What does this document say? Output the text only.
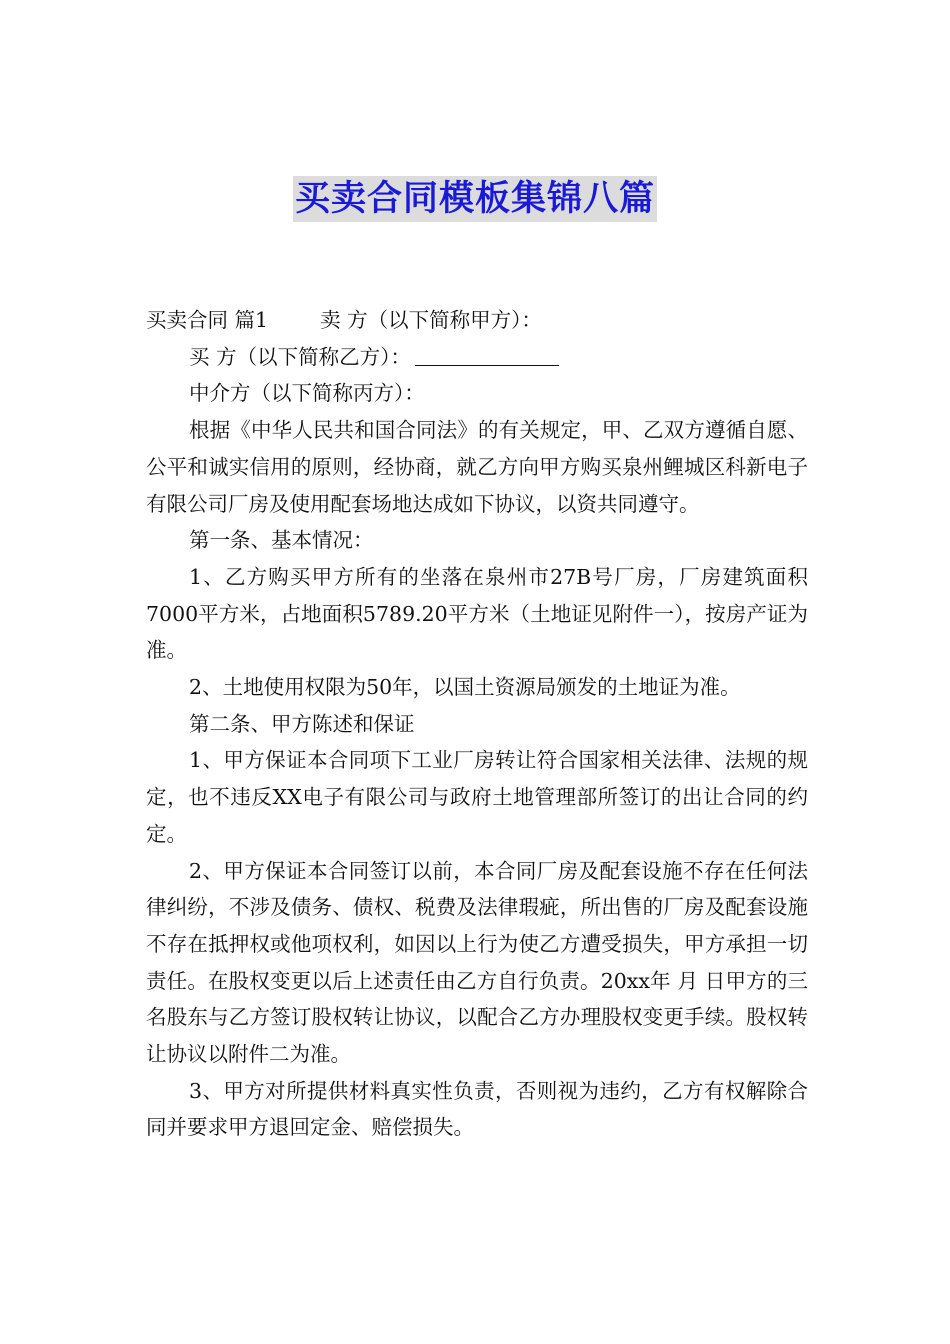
买卖合同模板集锦八篇

买卖合同 篇1	卖 方（以下简称甲方）：

买 方（以下简称乙方）：

中介方（以下简称丙方）：

根据《中华人民共和国合同法》的有关规定，甲、乙双方遵循自愿、公平和诚实信用的原则，经协商，就乙方向甲方购买泉州鲤城区科新电子有限公司厂房及使用配套场地达成如下协议，以资共同遵守。

第一条、基本情况：

1、乙方购买甲方所有的坐落在泉州市27B号厂房，厂房建筑面积7000平方米，占地面积5789.20平方米（土地证见附件一），按房产证为准。

2、土地使用权限为50年，以国土资源局颁发的土地证为准。

第二条、甲方陈述和保证

1、甲方保证本合同项下工业厂房转让符合国家相关法律、法规的规定，也不违反XX电子有限公司与政府土地管理部所签订的出让合同的约定。

2、甲方保证本合同签订以前，本合同厂房及配套设施不存在任何法律纠纷，不涉及债务、债权、税费及法律瑕疵，所出售的厂房及配套设施不存在抵押权或他项权利，如因以上行为使乙方遭受损失，甲方承担一切责任。在股权变更以后上述责任由乙方自行负责。20xx年 月 日甲方的三名股东与乙方签订股权转让协议，以配合乙方办理股权变更手续。股权转让协议以附件二为准。

3、甲方对所提供材料真实性负责，否则视为违约，乙方有权解除合同并要求甲方退回定金、赔偿损失。
